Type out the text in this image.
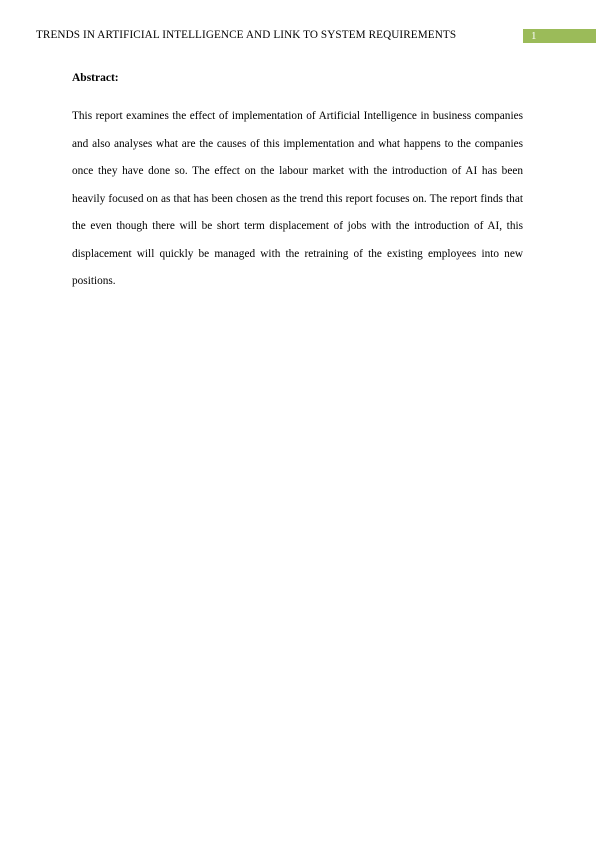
TRENDS IN ARTIFICIAL INTELLIGENCE AND LINK TO SYSTEM REQUIREMENTS	1
Abstract:

This report examines the effect of implementation of Artificial Intelligence in business companies and also analyses what are the causes of this implementation and what happens to the companies once they have done so. The effect on the labour market with the introduction of AI has been heavily focused on as that has been chosen as the trend this report focuses on. The report finds that the even though there will be short term displacement of jobs with the introduction of AI, this displacement will quickly be managed with the retraining of the existing employees into new positions.
